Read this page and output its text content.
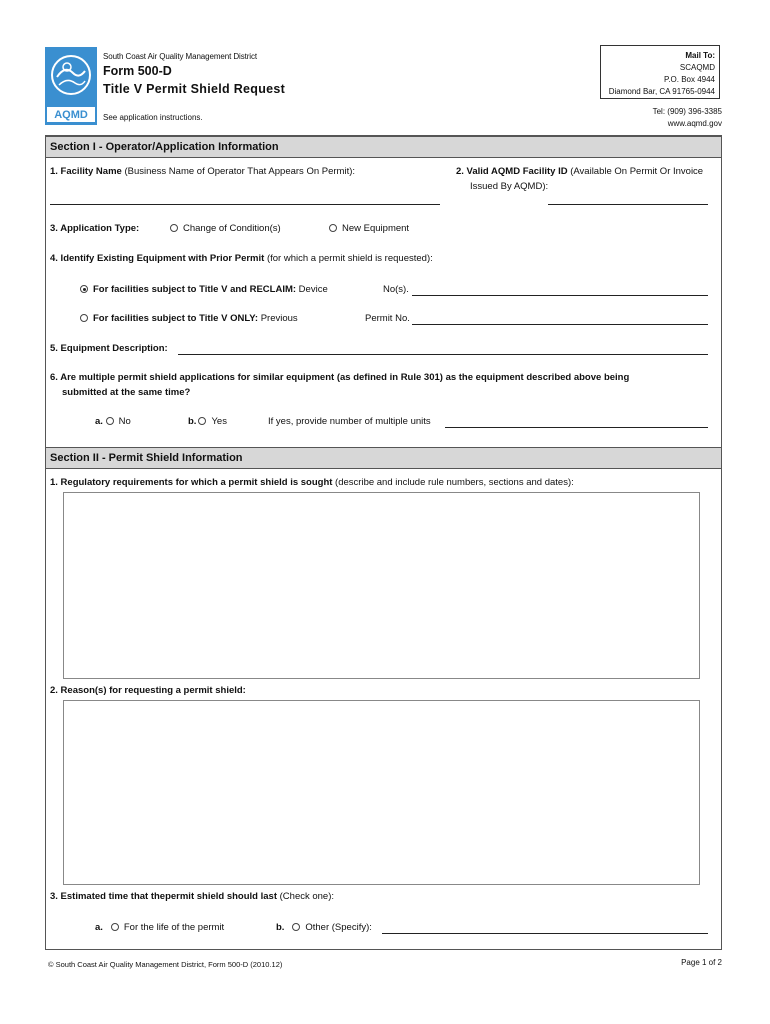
AQMD
South Coast Air Quality Management District
Form 500-D
Title V Permit Shield Request
See application instructions.
Mail To:
SCAQMD
P.O. Box 4944
Diamond Bar, CA 91765-0944
Tel: (909) 396-3385
www.aqmd.gov
Section I - Operator/Application Information
1. Facility Name (Business Name of Operator That Appears On Permit):	2. Valid AQMD Facility ID (Available On Permit Or Invoice
Issued By AQMD):
3. Application Type:	Change of Condition(s)	New Equipment
4. Identify Existing Equipment with Prior Permit (for which a permit shield is requested):
For facilities subject to Title V and RECLAIM: Device	No(s).
For facilities subject to Title V ONLY: Previous	Permit No.
5. Equipment Description:
6. Are multiple permit shield applications for similar equipment (as defined in Rule 301) as the equipment described above being
submitted at the same time?
a. No	b. Yes	If yes, provide number of multiple units
Section II - Permit Shield Information
1. Regulatory requirements for which a permit shield is sought (describe and include rule numbers, sections and dates):
2. Reason(s) for requesting a permit shield:
3. Estimated time that thepermit shield should last (Check one):
a. For the life of the permit	b. Other (Specify):
© South Coast Air Quality Management District, Form 500-D (2010.12)	Page 1 of 2
